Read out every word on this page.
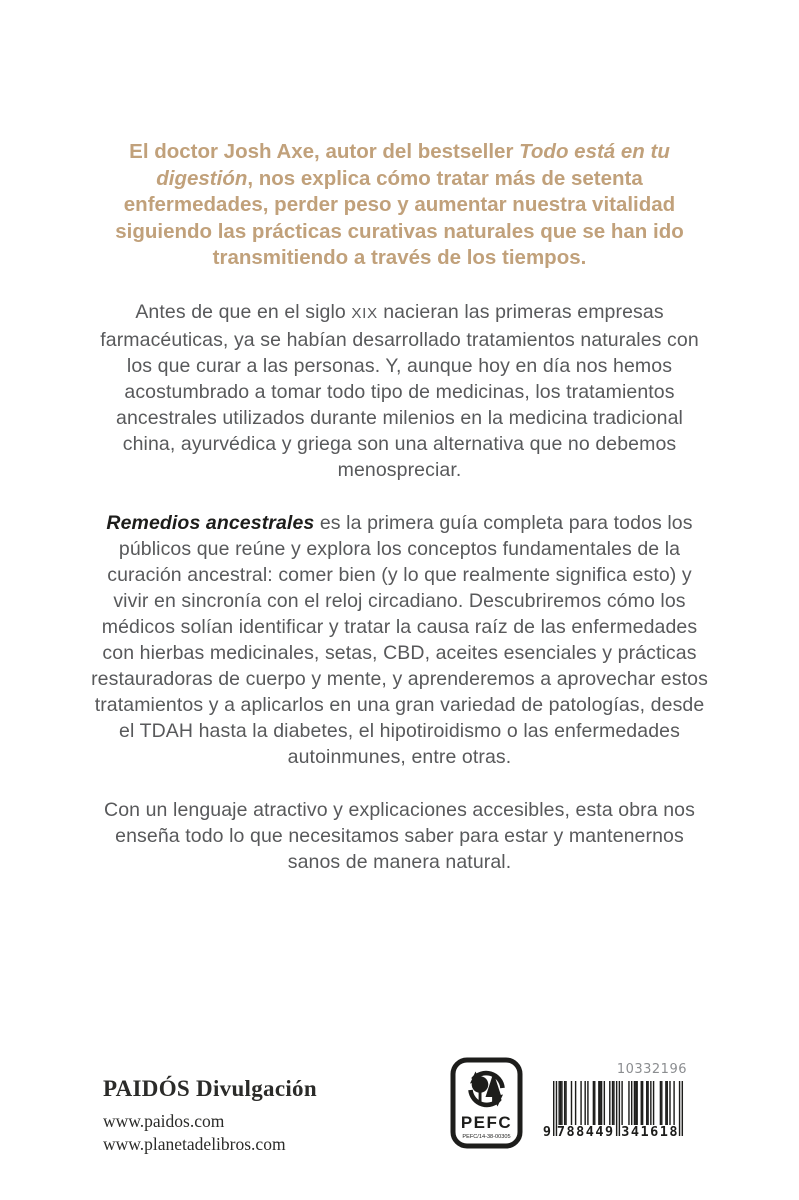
El doctor Josh Axe, autor del bestseller Todo está en tu digestión, nos explica cómo tratar más de setenta enfermedades, perder peso y aumentar nuestra vitalidad siguiendo las prácticas curativas naturales que se han ido transmitiendo a través de los tiempos.

Antes de que en el siglo XIX nacieran las primeras empresas farmacéuticas, ya se habían desarrollado tratamientos naturales con los que curar a las personas. Y, aunque hoy en día nos hemos acostumbrado a tomar todo tipo de medicinas, los tratamientos ancestrales utilizados durante milenios en la medicina tradicional china, ayurvédica y griega son una alternativa que no debemos menospreciar.

Remedios ancestrales es la primera guía completa para todos los públicos que reúne y explora los conceptos fundamentales de la curación ancestral: comer bien (y lo que realmente significa esto) y vivir en sincronía con el reloj circadiano. Descubriremos cómo los médicos solían identificar y tratar la causa raíz de las enfermedades con hierbas medicinales, setas, CBD, aceites esenciales y prácticas restauradoras de cuerpo y mente, y aprenderemos a aprovechar estos tratamientos y a aplicarlos en una gran variedad de patologías, desde el TDAH hasta la diabetes, el hipotiroidismo o las enfermedades autoinmunes, entre otras.

Con un lenguaje atractivo y explicaciones accesibles, esta obra nos enseña todo lo que necesitamos saber para estar y mantenernos sanos de manera natural.

PAIDÓS Divulgación
www.paidos.com
www.planetadelibros.com
PEFC
PEFC/14-38-00305
10332196
9 788449 341618
